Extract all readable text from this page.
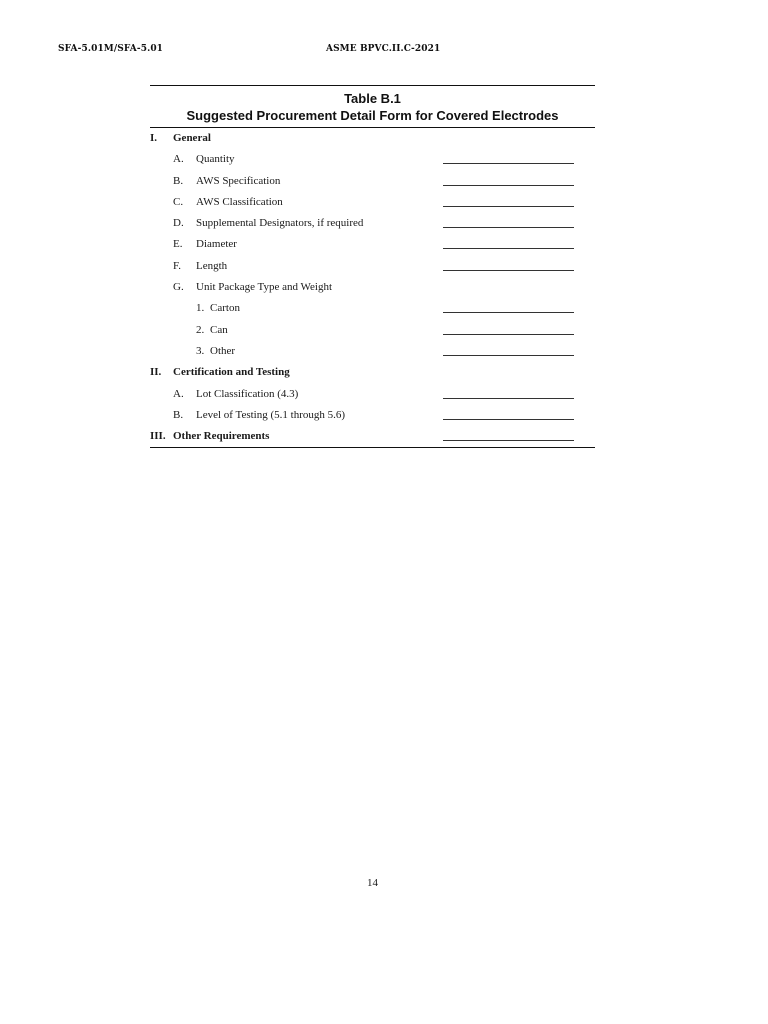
SFA-5.01M/SFA-5.01	ASME BPVC.II.C-2021
Table B.1
Suggested Procurement Detail Form for Covered Electrodes
I. General
A. Quantity
B. AWS Specification
C. AWS Classification
D. Supplemental Designators, if required
E. Diameter
F. Length
G. Unit Package Type and Weight
1. Carton
2. Can
3. Other
II. Certification and Testing
A. Lot Classification (4.3)
B. Level of Testing (5.1 through 5.6)
III. Other Requirements
14
